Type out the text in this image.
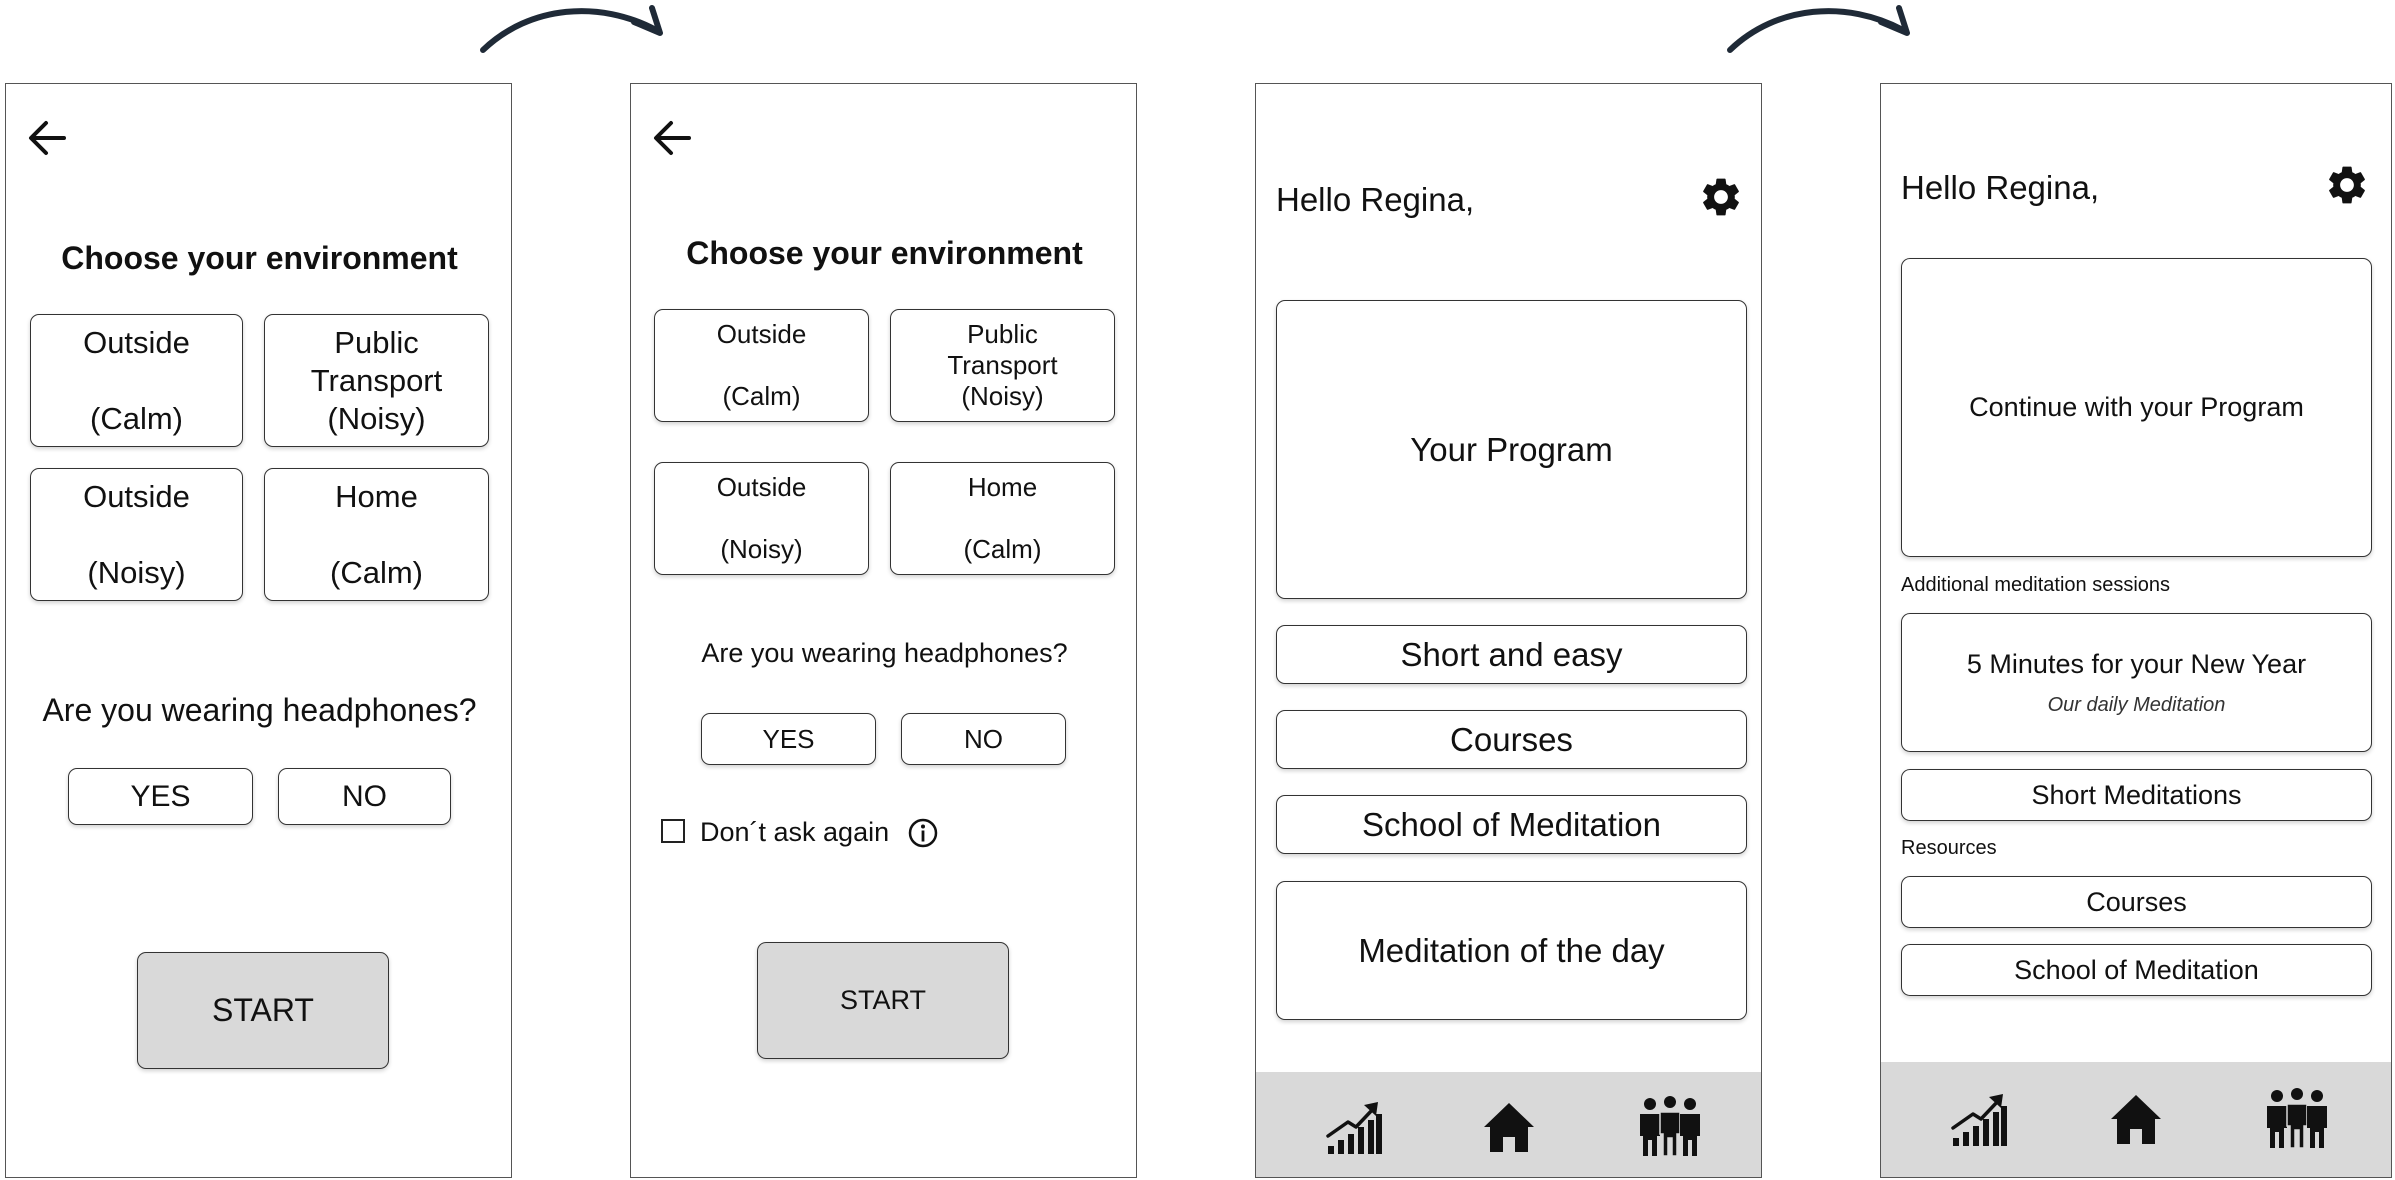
Choose your environment
Outside
(Calm)
Public
Transport
(Noisy)
Outside
(Noisy)
Home
(Calm)
Are you wearing headphones?
YES	NO
START
Choose your environment
Outside
(Calm)
Public
Transport
(Noisy)
Outside
(Noisy)
Home
(Calm)
Are you wearing headphones?
YES	NO
Don´t ask again
START
Hello Regina,
Your Program
Short and easy
Courses
School of Meditation
Meditation of the day
Hello Regina,
Continue with your Program
Additional meditation sessions
5 Minutes for your New Year
Our daily Meditation
Short Meditations
Resources
Courses
School of Meditation
